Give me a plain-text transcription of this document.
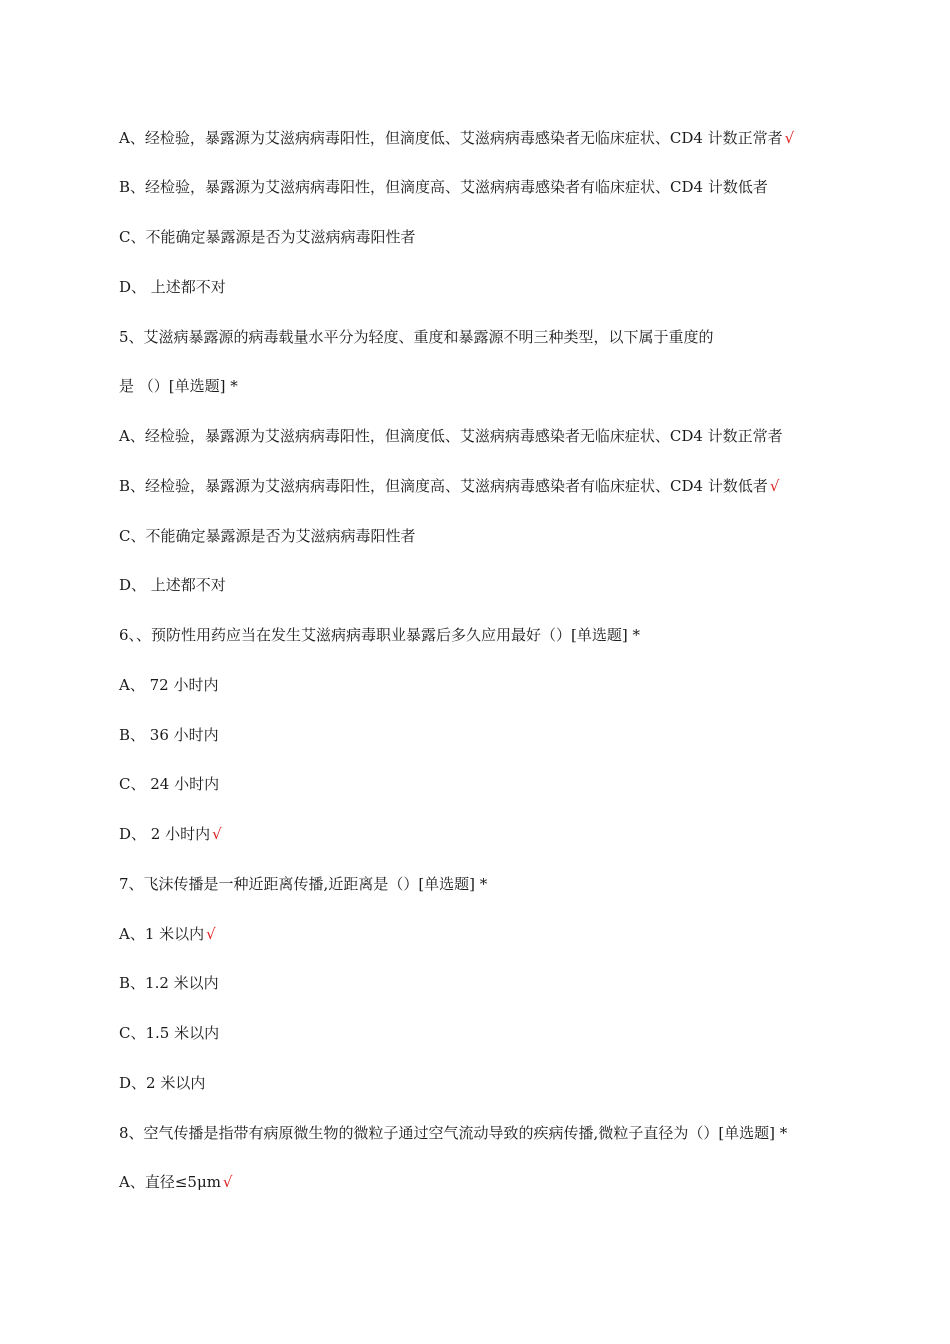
A、经检验，暴露源为艾滋病病毒阳性，但滴度低、艾滋病病毒感染者无临床症状、CD4 计数正常者 √
B、经检验，暴露源为艾滋病病毒阳性，但滴度高、艾滋病病毒感染者有临床症状、CD4 计数低者
C、不能确定暴露源是否为艾滋病病毒阳性者
D、 上述都不对
5、艾滋病暴露源的病毒载量水平分为轻度、重度和暴露源不明三种类型，以下属于重度的
是 （）[单选题] *
A、经检验，暴露源为艾滋病病毒阳性，但滴度低、艾滋病病毒感染者无临床症状、CD4 计数正常者
B、经检验，暴露源为艾滋病病毒阳性，但滴度高、艾滋病病毒感染者有临床症状、CD4 计数低者 √
C、不能确定暴露源是否为艾滋病病毒阳性者
D、 上述都不对
6、、预防性用药应当在发生艾滋病病毒职业暴露后多久应用最好（）[单选题] *
A、 72 小时内
B、 36 小时内
C、 24 小时内
D、 2 小时内 √
7、飞沫传播是一种近距离传播,近距离是（）[单选题] *
A、1 米以内 √
B、1.2 米以内
C、1.5 米以内
D、2 米以内
8、空气传播是指带有病原微生物的微粒子通过空气流动导致的疾病传播,微粒子直径为（）[单选题] *
A、直径≤5μm √
